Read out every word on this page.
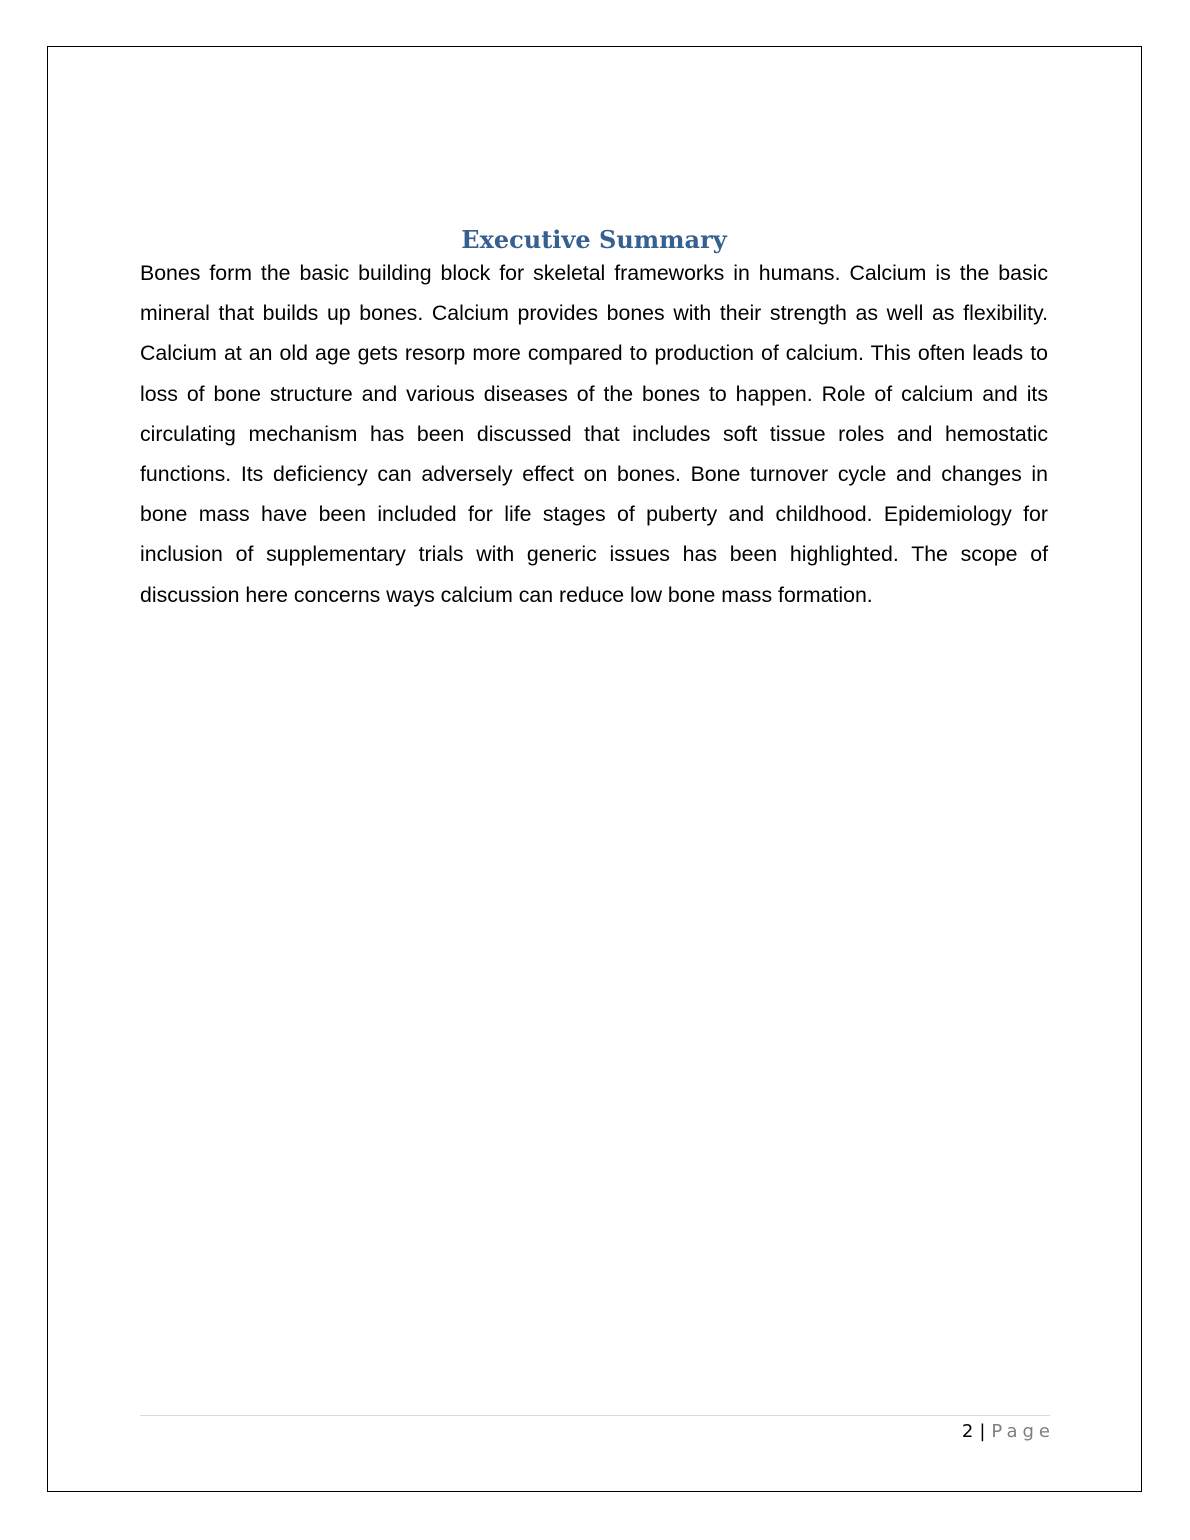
Executive Summary

Bones form the basic building block for skeletal frameworks in humans. Calcium is the basic mineral that builds up bones. Calcium provides bones with their strength as well as flexibility. Calcium at an old age gets resorp more compared to production of calcium. This often leads to loss of bone structure and various diseases of the bones to happen. Role of calcium and its circulating mechanism has been discussed that includes soft tissue roles and hemostatic functions. Its deficiency can adversely effect on bones. Bone turnover cycle and changes in bone mass have been included for life stages of puberty and childhood. Epidemiology for inclusion of supplementary trials with generic issues has been highlighted. The scope of discussion here concerns ways calcium can reduce low bone mass formation.

2 | Page
